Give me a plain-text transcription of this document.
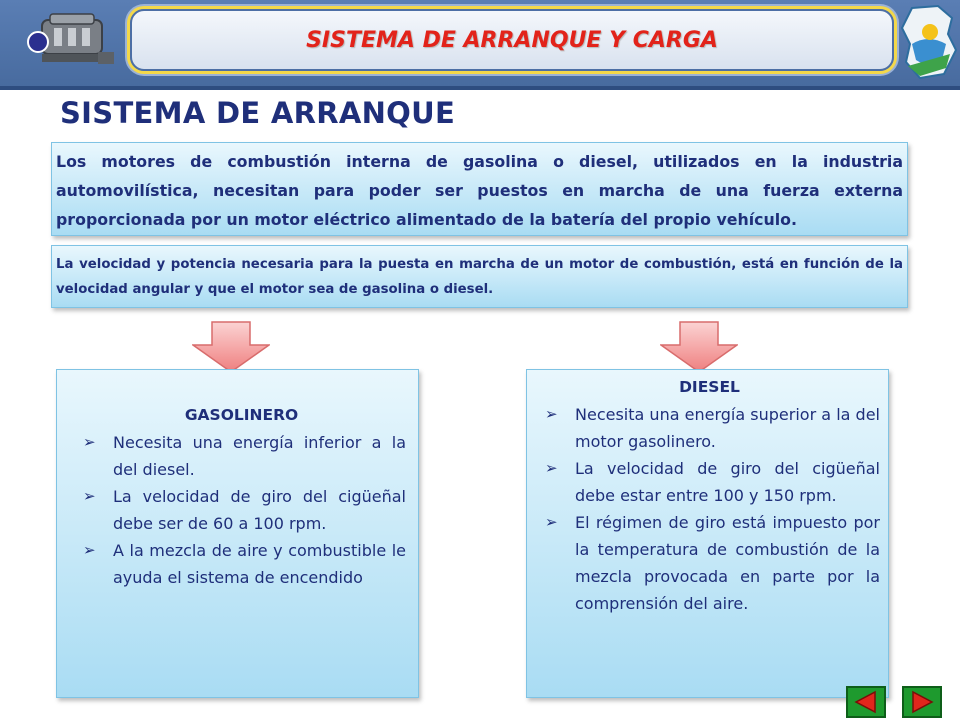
SISTEMA DE ARRANQUE Y CARGA
SISTEMA DE ARRANQUE
Los motores de combustión interna de gasolina o diesel, utilizados en la industria automovilística, necesitan para poder ser puestos en marcha de una fuerza externa proporcionada por un motor eléctrico alimentado de la batería del propio vehículo.
La velocidad y potencia necesaria para la puesta en marcha de un motor de combustión, está en función de la velocidad angular y que el motor sea de gasolina o diesel.
GASOLINERO
➢ Necesita una energía inferior a la del diesel.
➢ La velocidad de giro del cigüeñal debe ser de 60 a 100 rpm.
➢ A la mezcla de aire y combustible le ayuda el sistema de encendido
DIESEL
➢ Necesita una energía superior a la del motor gasolinero.
➢ La velocidad de giro del cigüeñal debe estar entre 100 y 150 rpm.
➢ El régimen de giro está impuesto por la temperatura de combustión de la mezcla provocada en parte por la comprensión del aire.
